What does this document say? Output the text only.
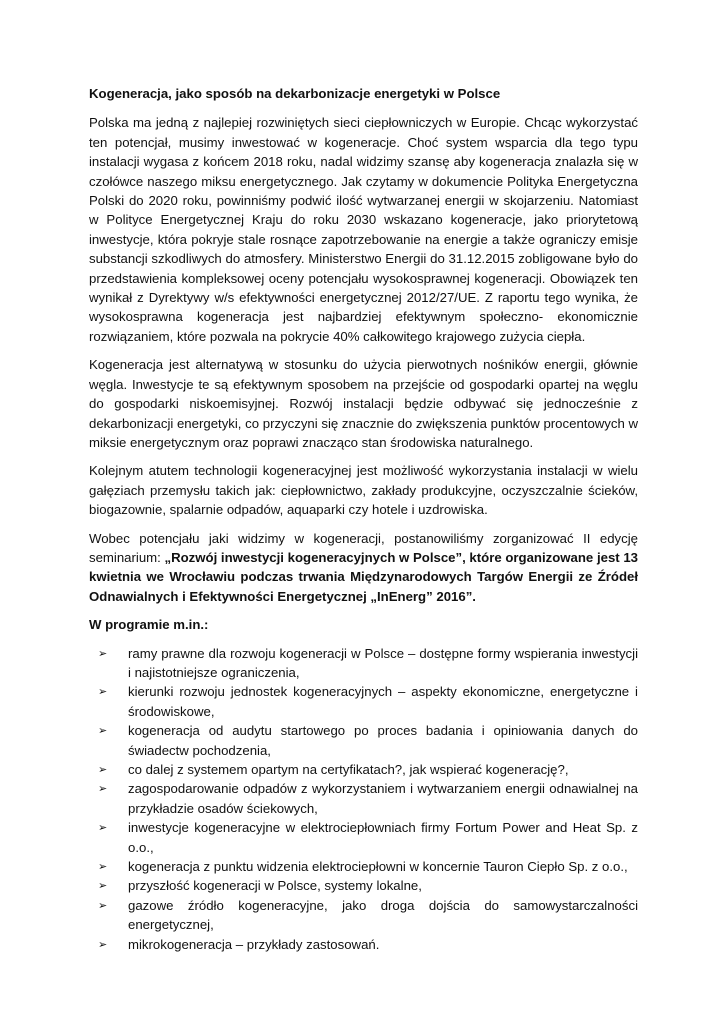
Kogeneracja, jako sposób na dekarbonizacje energetyki w Polsce

Polska ma jedną z najlepiej rozwiniętych sieci ciepłowniczych w Europie. Chcąc wykorzystać ten potencjał, musimy inwestować w kogeneracje. Choć system wsparcia dla tego typu instalacji wygasa z końcem 2018 roku, nadal widzimy szansę aby kogeneracja znalazła się w czołówce naszego miksu energetycznego. Jak czytamy w dokumencie Polityka Energetyczna Polski do 2020 roku, powinniśmy podwić ilość wytwarzanej energii w skojarzeniu. Natomiast w Polityce Energetycznej Kraju do roku 2030 wskazano kogeneracje, jako priorytetową inwestycje, która pokryje stale rosnące zapotrzebowanie na energie a także ograniczy emisje substancji szkodliwych do atmosfery. Ministerstwo Energii do 31.12.2015 zobligowane było do przedstawienia kompleksowej oceny potencjału wysokosprawnej kogeneracji. Obowiązek ten wynikał z Dyrektywy w/s efektywności energetycznej 2012/27/UE. Z raportu tego wynika, że wysokosprawna kogeneracja jest najbardziej efektywnym społeczno- ekonomicznie rozwiązaniem, które pozwala na pokrycie 40% całkowitego krajowego zużycia ciepła.

Kogeneracja jest alternatywą w stosunku do użycia pierwotnych nośników energii, głównie węgla. Inwestycje te są efektywnym sposobem na przejście od gospodarki opartej na węglu do gospodarki niskoemisyjnej. Rozwój instalacji będzie odbywać się jednocześnie z dekarbonizacji energetyki, co przyczyni się znacznie do zwiększenia punktów procentowych w miksie energetycznym oraz poprawi znacząco stan środowiska naturalnego.

Kolejnym atutem technologii kogeneracyjnej jest możliwość wykorzystania instalacji w wielu gałęziach przemysłu takich jak: ciepłownictwo, zakłady produkcyjne, oczyszczalnie ścieków, biogazownie, spalarnie odpadów, aquaparki czy hotele i uzdrowiska.

Wobec potencjału jaki widzimy w kogeneracji, postanowiliśmy zorganizować II edycję seminarium: „Rozwój inwestycji kogeneracyjnych w Polsce”, które organizowane jest 13 kwietnia we Wrocławiu podczas trwania Międzynarodowych Targów Energii ze Źródeł Odnawialnych i Efektywności Energetycznej „InEnerg” 2016”.

W programie m.in.:
➢ ramy prawne dla rozwoju kogeneracji w Polsce – dostępne formy wspierania inwestycji i najistotniejsze ograniczenia,
➢ kierunki rozwoju jednostek kogeneracyjnych – aspekty ekonomiczne, energetyczne i środowiskowe,
➢ kogeneracja od audytu startowego po proces badania i opiniowania danych do świadectw pochodzenia,
➢ co dalej z systemem opartym na certyfikatach?, jak wspierać kogenerację?,
➢ zagospodarowanie odpadów z wykorzystaniem i wytwarzaniem energii odnawialnej na przykładzie osadów ściekowych,
➢ inwestycje kogeneracyjne w elektrociepłowniach firmy Fortum Power and Heat Sp. z o.o.,
➢ kogeneracja z punktu widzenia elektrociepłowni w koncernie Tauron Ciepło Sp. z o.o.,
➢ przyszłość kogeneracji w Polsce, systemy lokalne,
➢ gazowe źródło kogeneracyjne, jako droga dojścia do samowystarczalności energetycznej,
➢ mikrokogeneracja – przykłady zastosowań.
